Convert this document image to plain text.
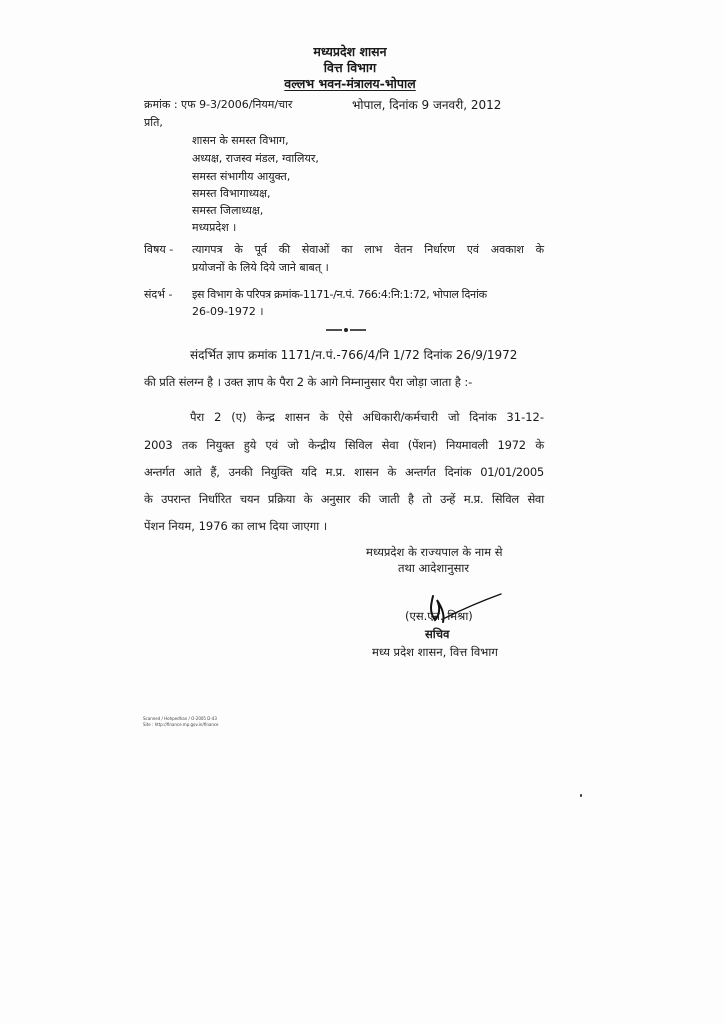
मध्यप्रदेश शासन
वित्त विभाग
वल्लभ भवन-मंत्रालय-भोपाल
क्रमांक : एफ 9-3/2006/नियम/चार	भोपाल, दिनांक 9 जनवरी, 2012
प्रति,
शासन के समस्त विभाग,
अध्यक्ष, राजस्व मंडल, ग्वालियर,
समस्त संभागीय आयुक्त,
समस्त विभागाध्यक्ष,
समस्त जिलाध्यक्ष,
मध्यप्रदेश ।
विषय - त्यागपत्र के पूर्व की सेवाओं का लाभ वेतन निर्धारण एवं अवकाश के
प्रयोजनों के लिये दिये जाने बाबत् ।
संदर्भ - इस विभाग के परिपत्र क्रमांक-1171-/न.पं. 766:4:नि:1:72, भोपाल दिनांक
26-09-1972 ।
संदर्भित ज्ञाप क्रमांक 1171/न.पं.-766/4/नि 1/72 दिनांक 26/9/1972
की प्रति संलग्न है । उक्त ज्ञाप के पैरा 2 के आगे निम्नानुसार पैरा जोड़ा जाता है :-
पैरा 2 (ए) केन्द्र शासन के ऐसे अधिकारी/कर्मचारी जो दिनांक 31-12-
2003 तक नियुक्त हुये एवं जो केन्द्रीय सिविल सेवा (पेंशन) नियमावली 1972 के
अन्तर्गत आते हैं, उनकी नियुक्ति यदि म.प्र. शासन के अन्तर्गत दिनांक 01/01/2005
के उपरान्त निर्धारित चयन प्रक्रिया के अनुसार की जाती है तो उन्हें म.प्र. सिविल सेवा
पेंशन नियम, 1976 का लाभ दिया जाएगा ।
मध्यप्रदेश के राज्यपाल के नाम से
तथा आदेशानुसार
(एस.एन. मिश्रा)
सचिव
मध्य प्रदेश शासन, वित्त विभाग
Scanned / Hohpedhan / O-2005 D-43
Site : http://finance.mp.gov.in/finance
